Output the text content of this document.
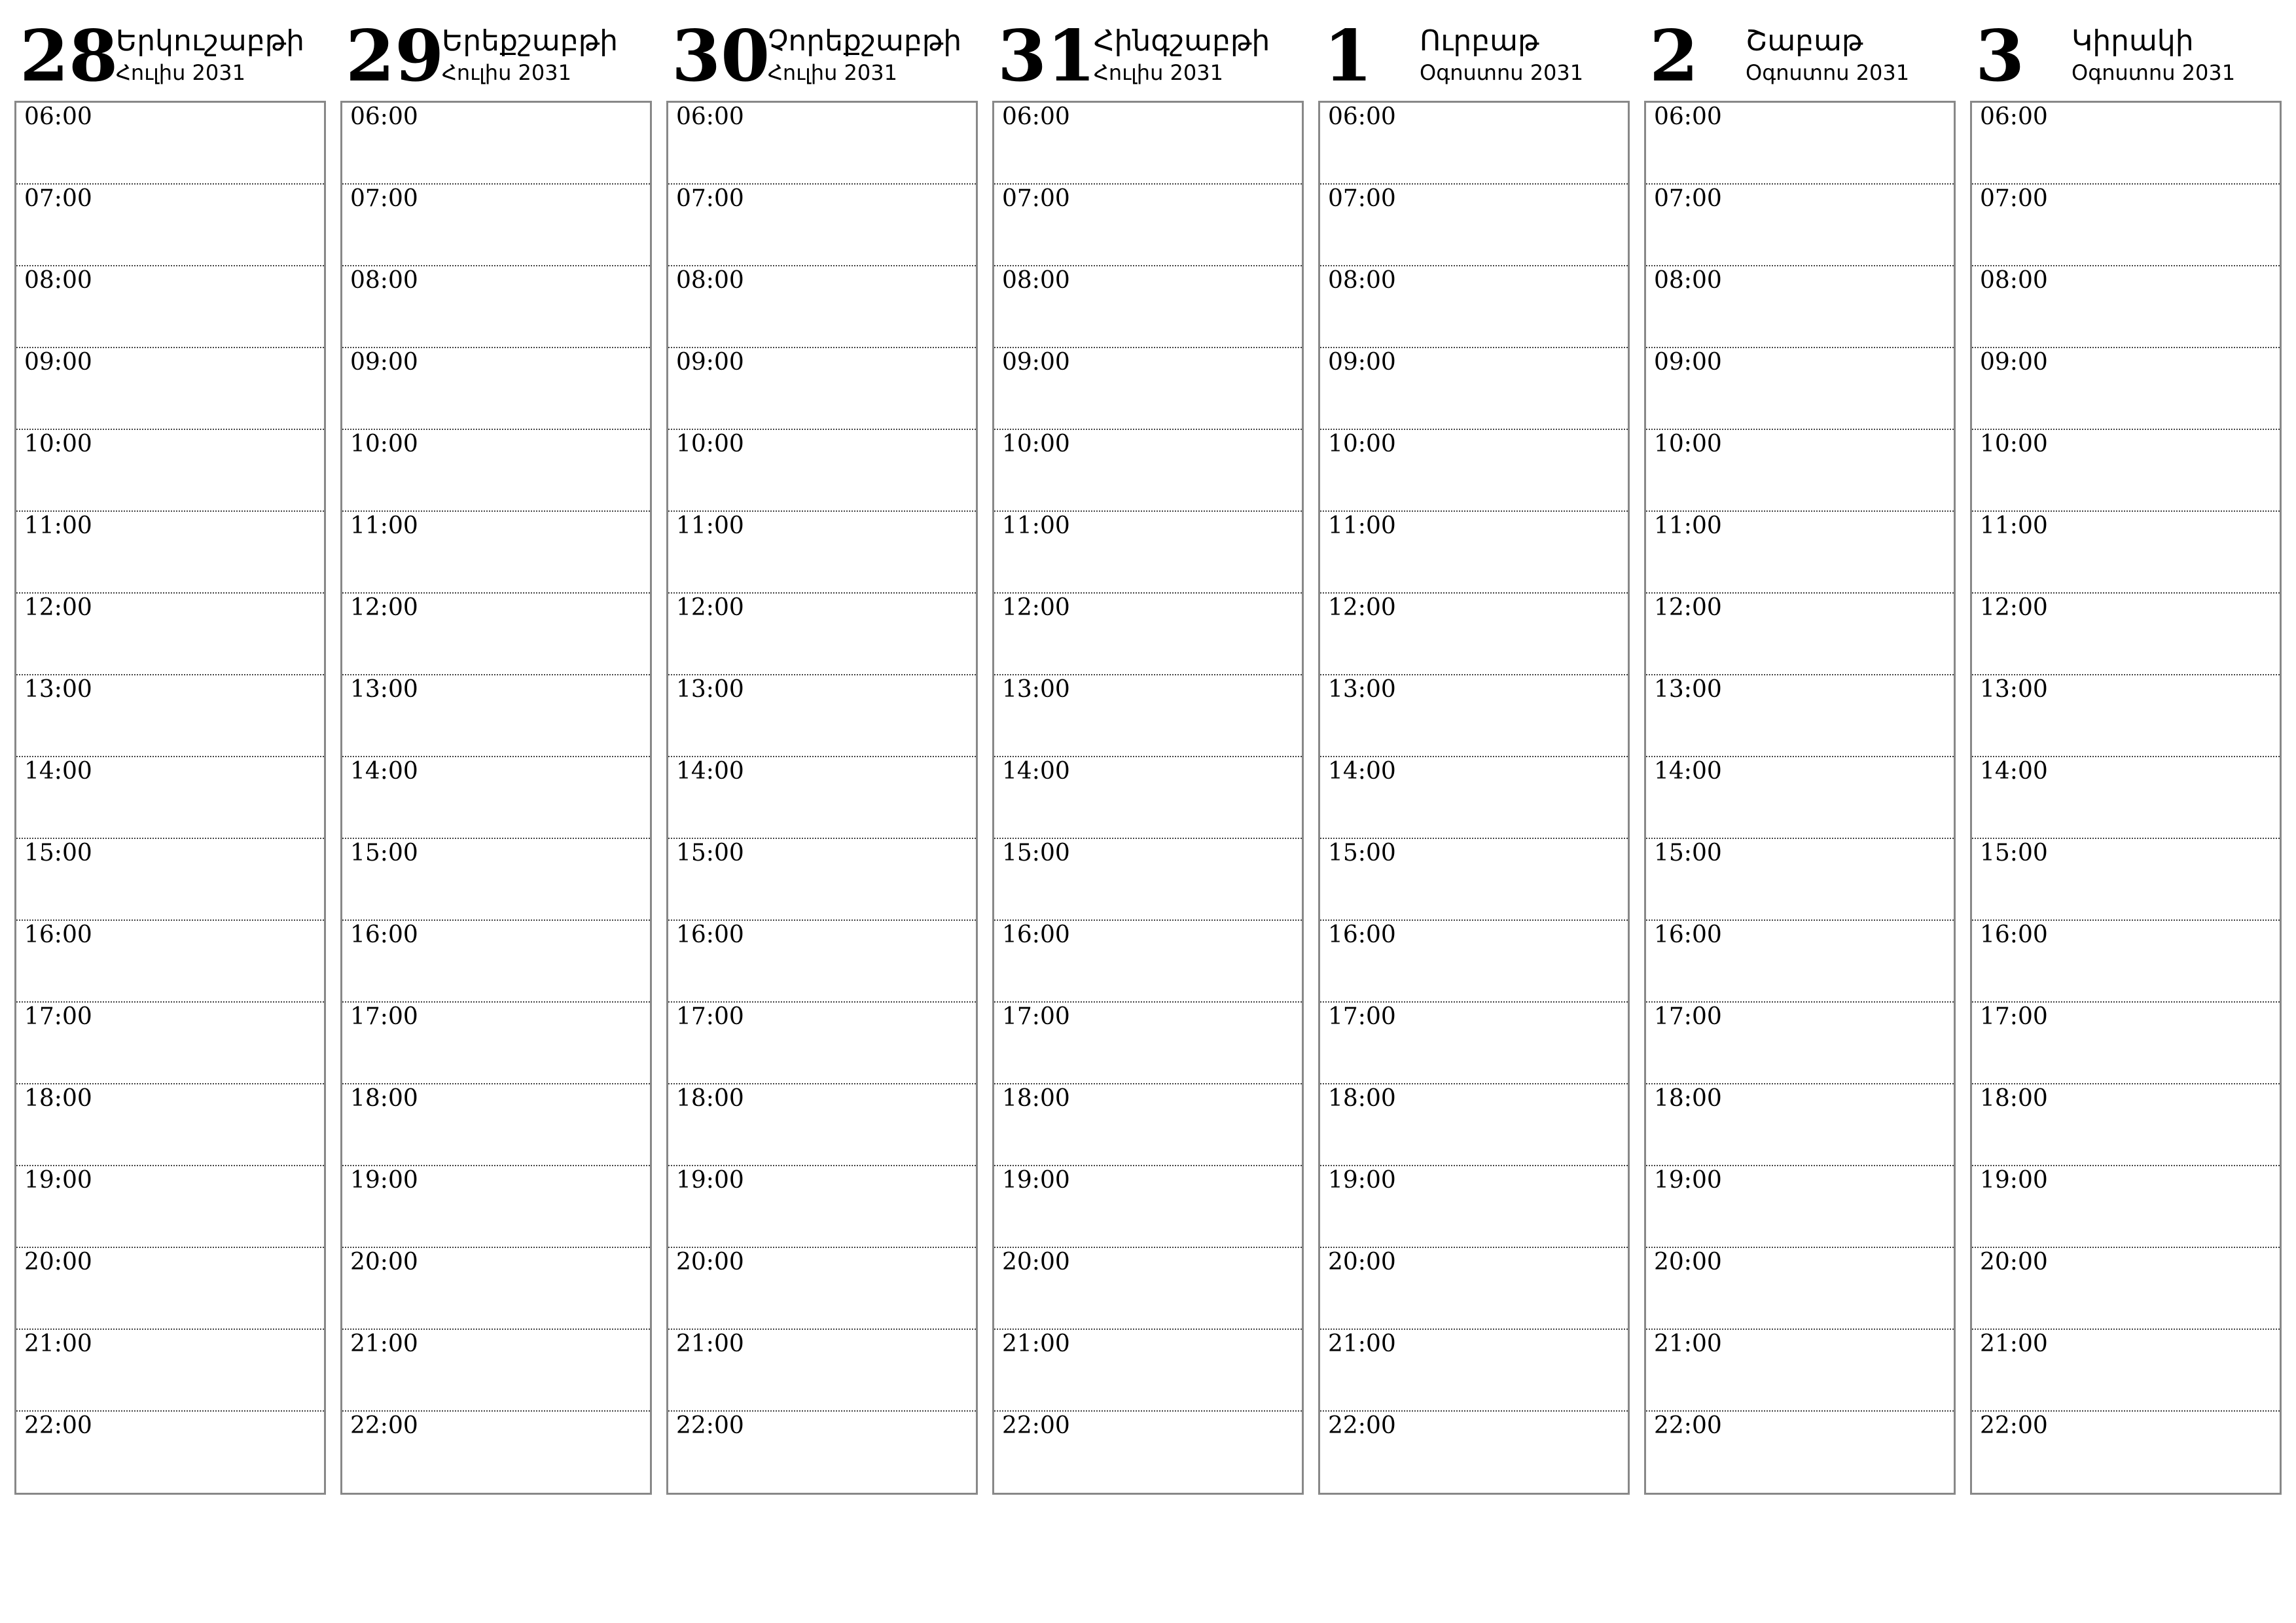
28
Երկուշաբթի
Հուլիս 2031
06:00
07:00
08:00
09:00
10:00
11:00
12:00
13:00
14:00
15:00
16:00
17:00
18:00
19:00
20:00
21:00
22:00
29
Երեքշաբթի
Հուլիս 2031
06:00
07:00
08:00
09:00
10:00
11:00
12:00
13:00
14:00
15:00
16:00
17:00
18:00
19:00
20:00
21:00
22:00
30
Չորեքշաբթի
Հուլիս 2031
06:00
07:00
08:00
09:00
10:00
11:00
12:00
13:00
14:00
15:00
16:00
17:00
18:00
19:00
20:00
21:00
22:00
31
Հինգշաբթի
Հուլիս 2031
06:00
07:00
08:00
09:00
10:00
11:00
12:00
13:00
14:00
15:00
16:00
17:00
18:00
19:00
20:00
21:00
22:00
1 Ուրբաթ
Օգոստոս 2031
06:00
07:00
08:00
09:00
10:00
11:00
12:00
13:00
14:00
15:00
16:00
17:00
18:00
19:00
20:00
21:00
22:00
2 Շաբաթ
Օգոստոս 2031
06:00
07:00
08:00
09:00
10:00
11:00
12:00
13:00
14:00
15:00
16:00
17:00
18:00
19:00
20:00
21:00
22:00
3 Կիրակի
Օգոստոս 2031
06:00
07:00
08:00
09:00
10:00
11:00
12:00
13:00
14:00
15:00
16:00
17:00
18:00
19:00
20:00
21:00
22:00
